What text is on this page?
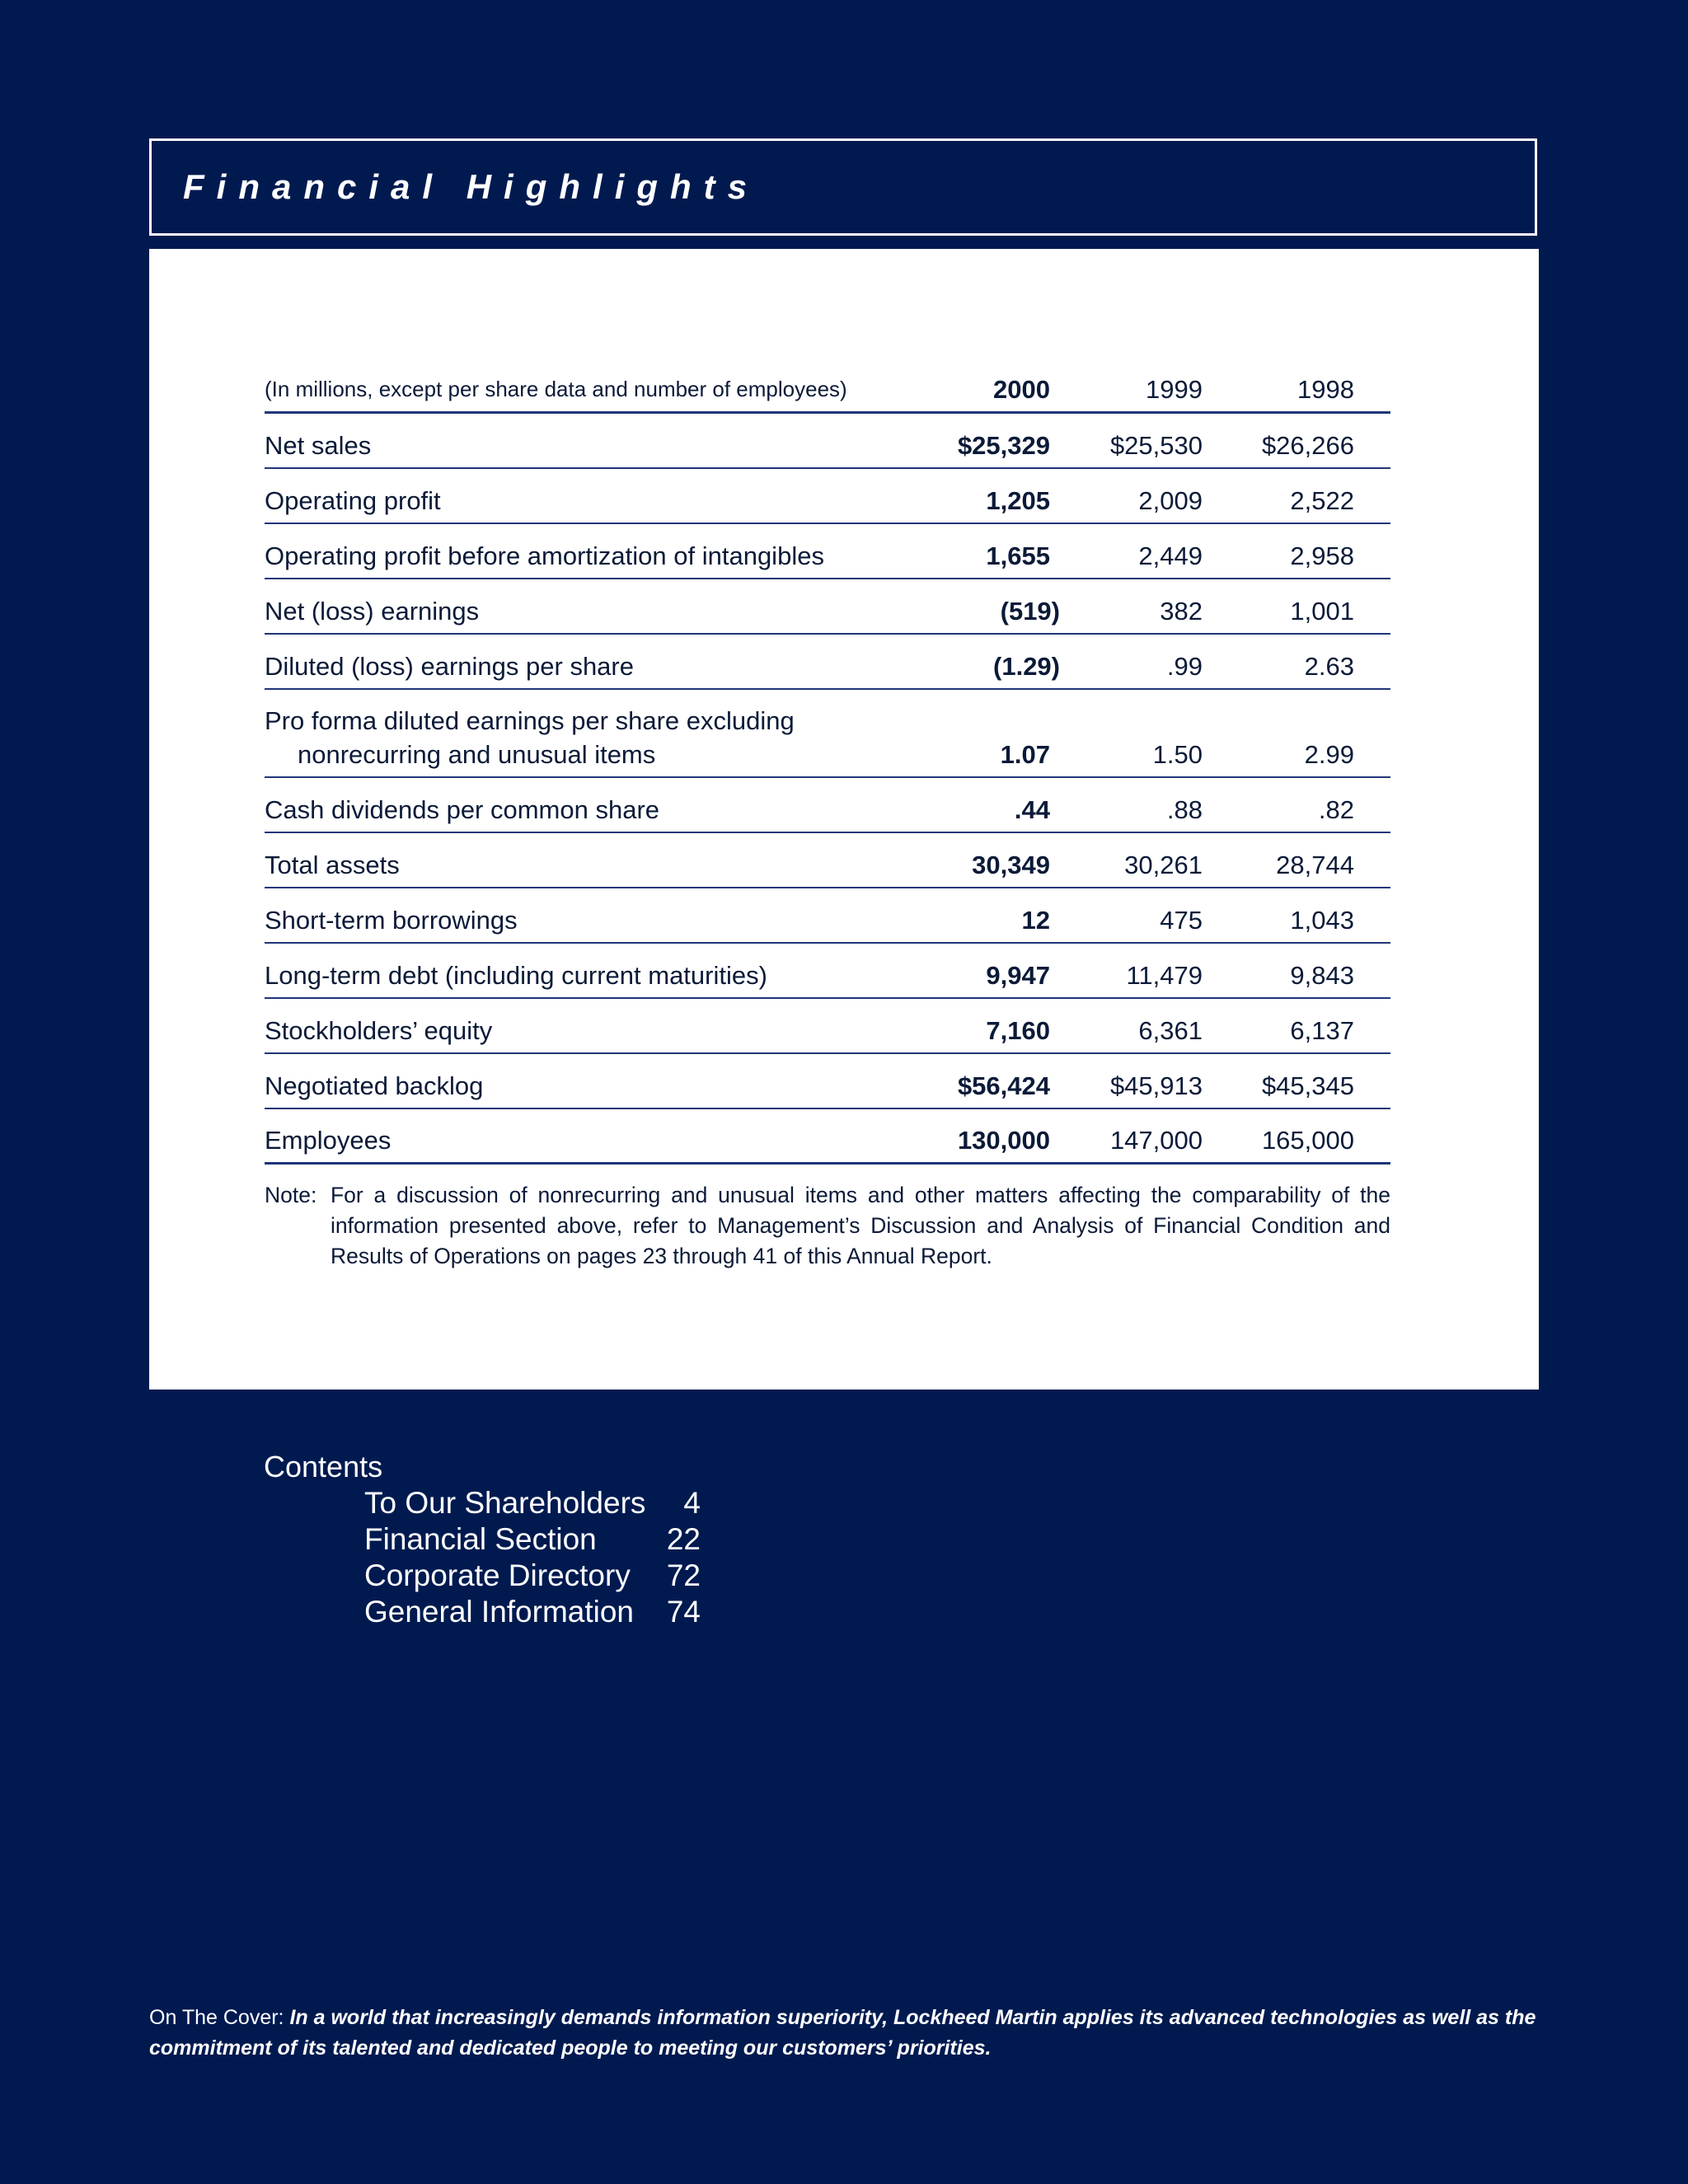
Financial Highlights
(In millions, except per share data and number of employees)	2000	1999	1998
Net sales	$25,329	$25,530	$26,266
Operating profit	1,205	2,009	2,522
Operating profit before amortization of intangibles	1,655	2,449	2,958
Net (loss) earnings	(519)	382	1,001
Diluted (loss) earnings per share	(1.29)	.99	2.63
Pro forma diluted earnings per share excluding
nonrecurring and unusual items	1.07	1.50	2.99
Cash dividends per common share	.44	.88	.82
Total assets	30,349	30,261	28,744
Short-term borrowings	12	475	1,043
Long-term debt (including current maturities)	9,947	11,479	9,843
Stockholders’ equity	7,160	6,361	6,137
Negotiated backlog	$56,424	$45,913	$45,345
Employees	130,000	147,000	165,000
Note: For a discussion of nonrecurring and unusual items and other matters affecting the comparability of the information presented above, refer to Management’s Discussion and Analysis of Financial Condition and Results of Operations on pages 23 through 41 of this Annual Report.
Contents
To Our Shareholders 4
Financial Section 22
Corporate Directory 72
General Information 74
On The Cover: In a world that increasingly demands information superiority, Lockheed Martin applies its advanced technologies as well as the commitment of its talented and dedicated people to meeting our customers’ priorities.
